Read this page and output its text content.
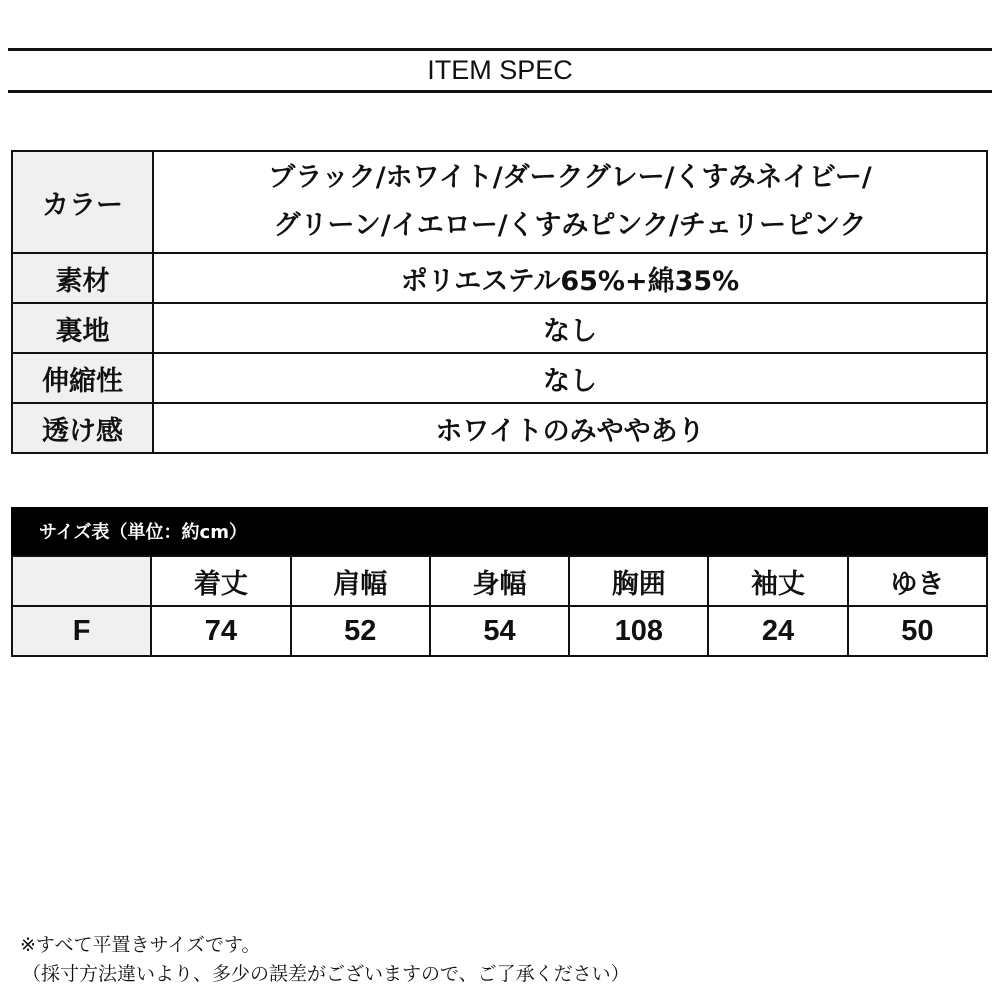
ITEM SPEC
カラー	ブラック/ホワイト/ダークグレー/くすみネイビー/
グリーン/イエロー/くすみピンク/チェリーピンク

素材	ポリエステル65%+綿35%
裏地	なし
伸縮性	なし
透け感	ホワイトのみややあり
サイズ表（単位：約cm）
	着丈	肩幅	身幅	胸囲	袖丈	ゆき
F	74	52	54	108	24	50
※すべて平置きサイズです。
（採寸方法違いより、多少の誤差がございますので、ご了承ください）
